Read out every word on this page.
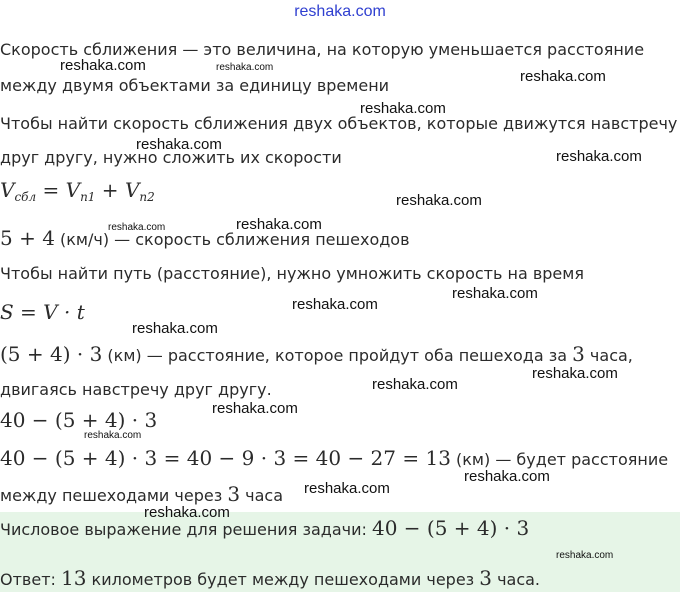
reshaka.com
Скорость сближения — это величина, на которую уменьшается расстояние
между двумя объектами за единицу времени
Чтобы найти скорость сближения двух объектов, которые движутся навстречу
друг другу, нужно сложить их скорости
$V_{сбл} = V_{п1} + V_{п2}$
5 + 4 (км/ч) — скорость сближения пешеходов
Чтобы найти путь (расстояние), нужно умножить скорость на время
S = V · t
(5 + 4) · 3 (км) — расстояние, которое пройдут оба пешехода за 3 часа,
двигаясь навстречу друг другу.
40 − (5 + 4) · 3
40 − (5 + 4) · 3 = 40 − 9 · 3 = 40 − 27 = 13 (км) — будет расстояние
между пешеходами через 3 часа
Числовое выражение для решения задачи: 40 − (5 + 4) · 3
Ответ: 13 километров будет между пешеходами через 3 часа.
reshaka.com	reshaka.com
reshaka.com
reshaka.com
reshaka.com
reshaka.com
reshaka.com
reshaka.com	reshaka.com
reshaka.com
reshaka.com
reshaka.com
reshaka.com
reshaka.com
reshaka.com
reshaka.com
reshaka.com
reshaka.com
reshaka.com
reshaka.com
